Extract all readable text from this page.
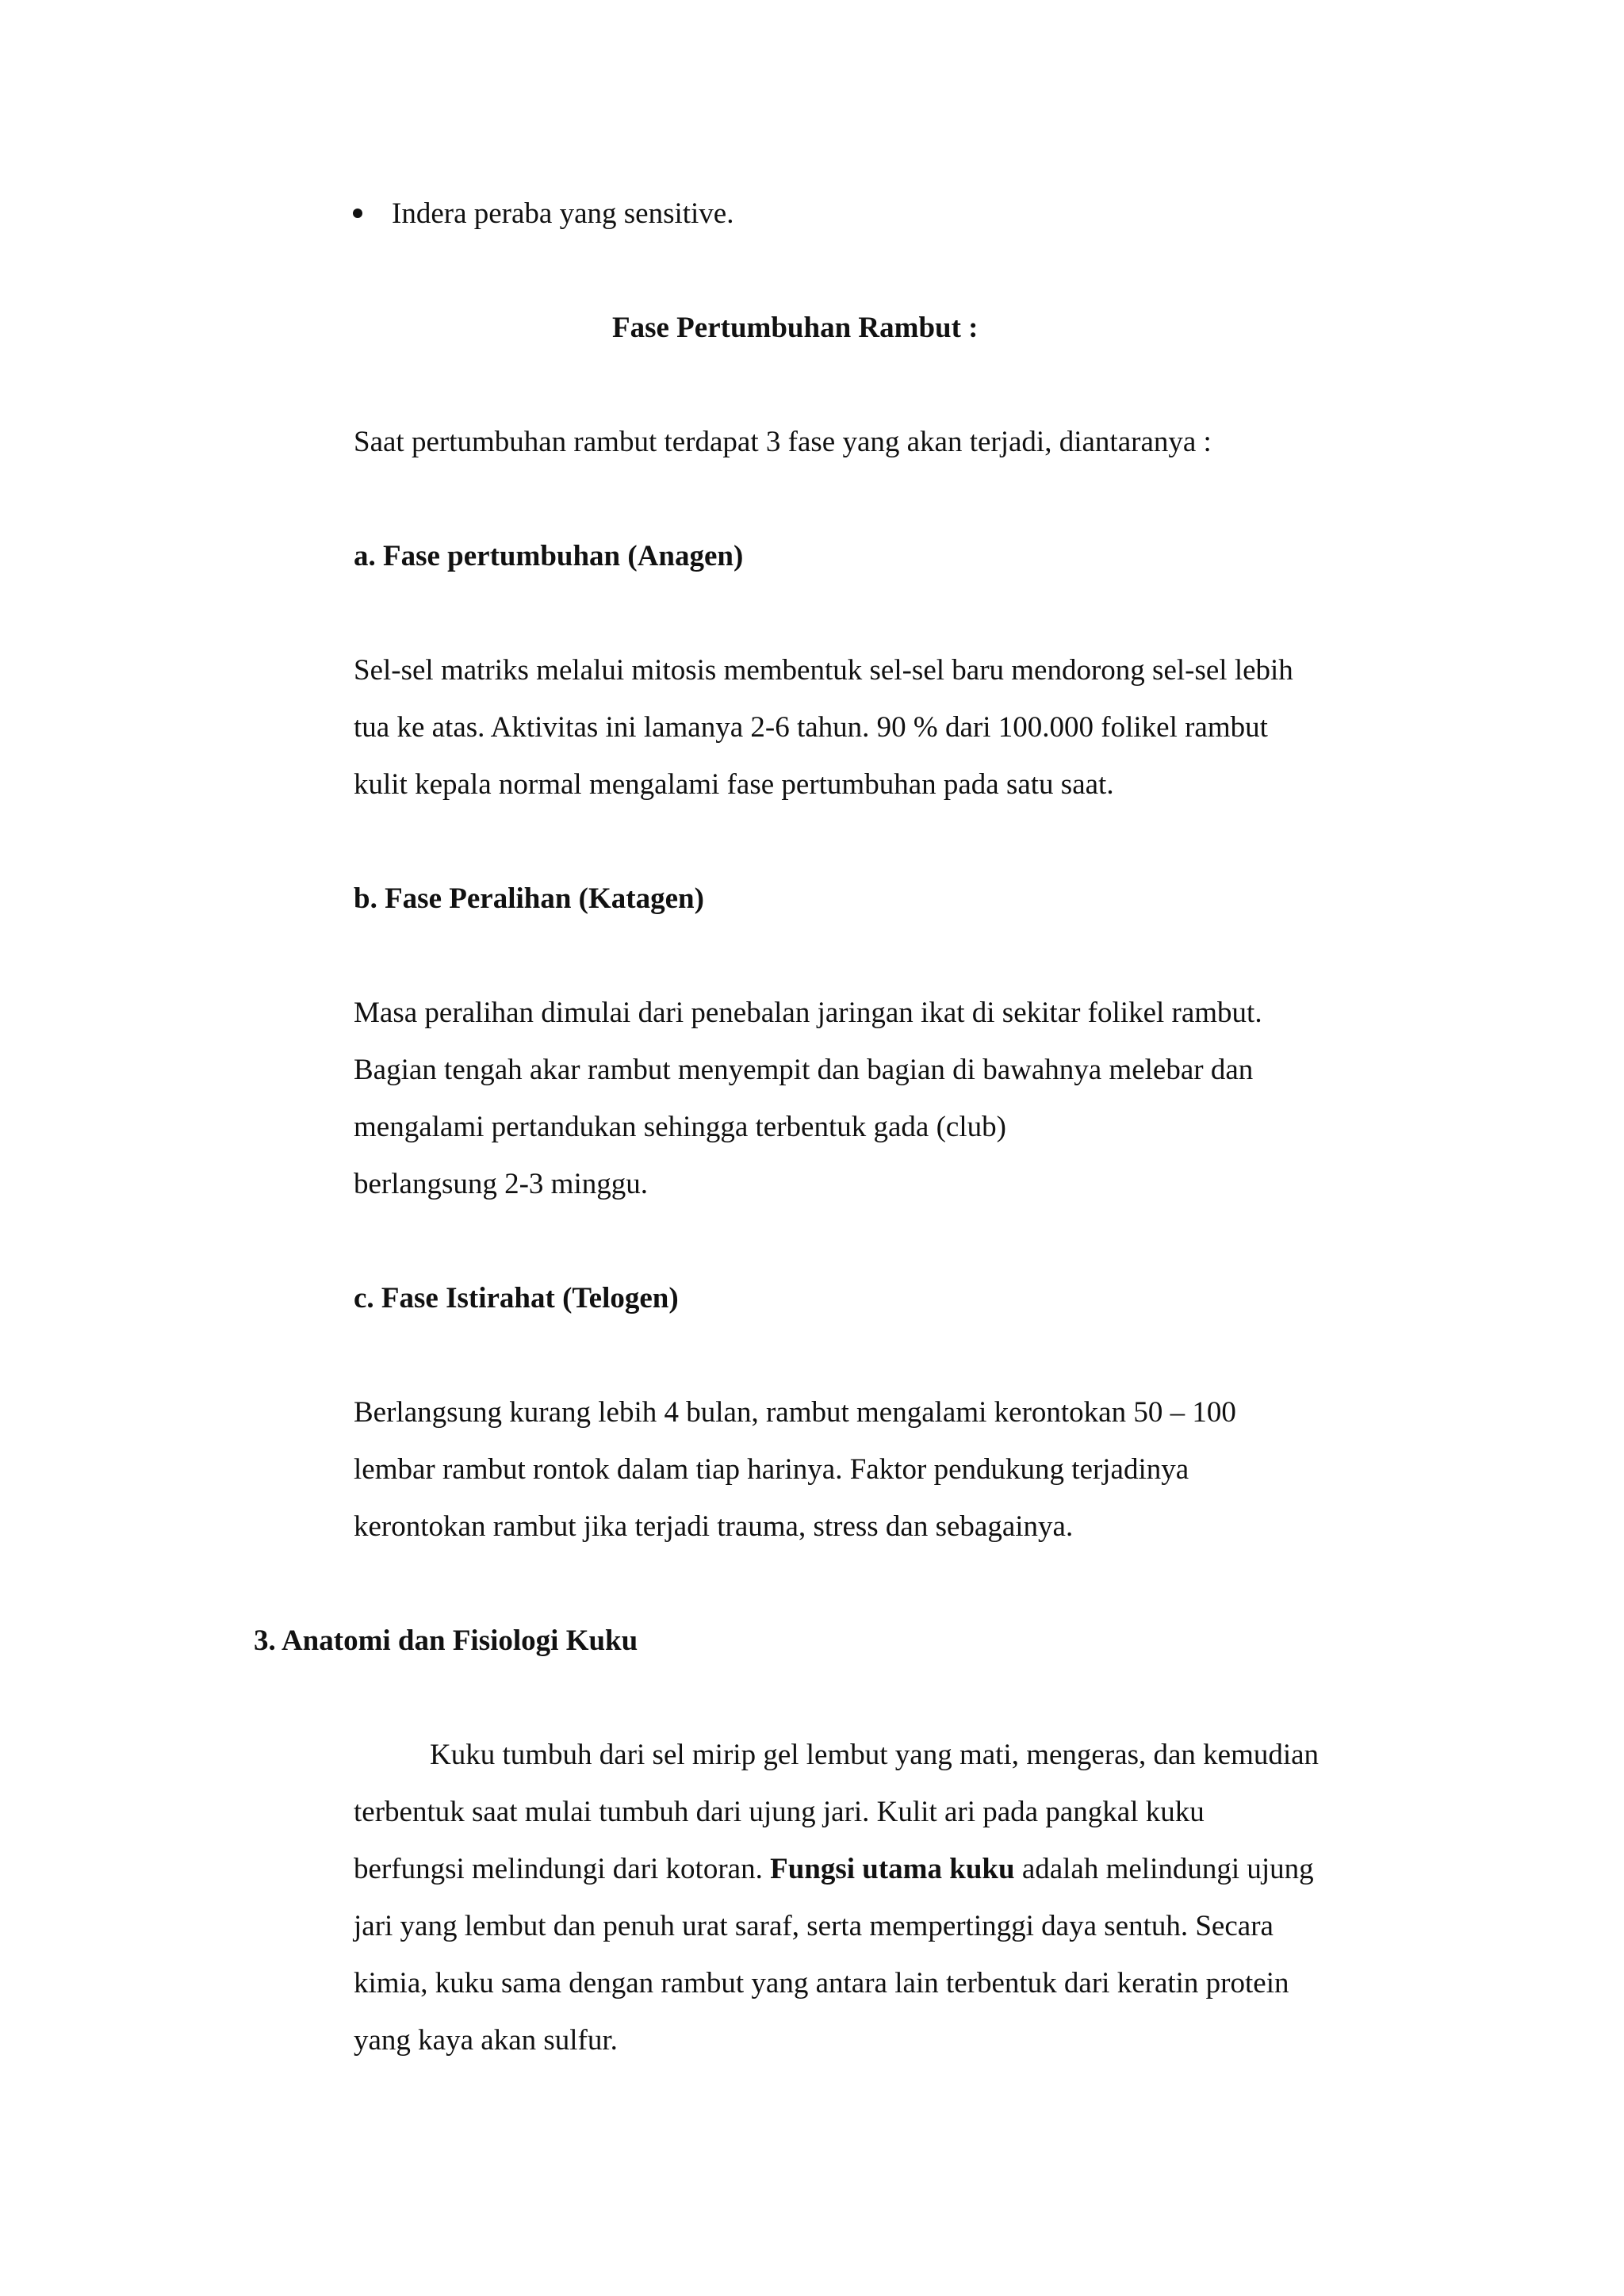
Indera peraba yang sensitive.

Fase Pertumbuhan Rambut :

Saat pertumbuhan rambut terdapat 3 fase yang akan terjadi, diantaranya :

a. Fase pertumbuhan (Anagen)

Sel-sel matriks melalui mitosis membentuk sel-sel baru mendorong sel-sel lebih

tua ke atas. Aktivitas ini lamanya 2-6 tahun. 90 % dari 100.000 folikel rambut

kulit kepala normal mengalami fase pertumbuhan pada satu saat.

b. Fase Peralihan (Katagen)

Masa peralihan dimulai dari penebalan jaringan ikat di sekitar folikel rambut.

Bagian tengah akar rambut menyempit dan bagian di bawahnya melebar dan

mengalami pertandukan sehingga terbentuk gada (club)

berlangsung 2-3 minggu.

c. Fase Istirahat (Telogen)

Berlangsung kurang lebih 4 bulan, rambut mengalami kerontokan 50 – 100

lembar rambut rontok dalam tiap harinya. Faktor pendukung terjadinya

kerontokan rambut jika terjadi trauma, stress dan sebagainya.

3. Anatomi dan Fisiologi Kuku

Kuku tumbuh dari sel mirip gel lembut yang mati, mengeras, dan kemudian

terbentuk saat mulai tumbuh dari ujung jari. Kulit ari pada pangkal kuku

berfungsi melindungi dari kotoran. Fungsi utama kuku adalah melindungi ujung

jari yang lembut dan penuh urat saraf, serta mempertinggi daya sentuh. Secara

kimia, kuku sama dengan rambut yang antara lain terbentuk dari keratin protein

yang kaya akan sulfur.
